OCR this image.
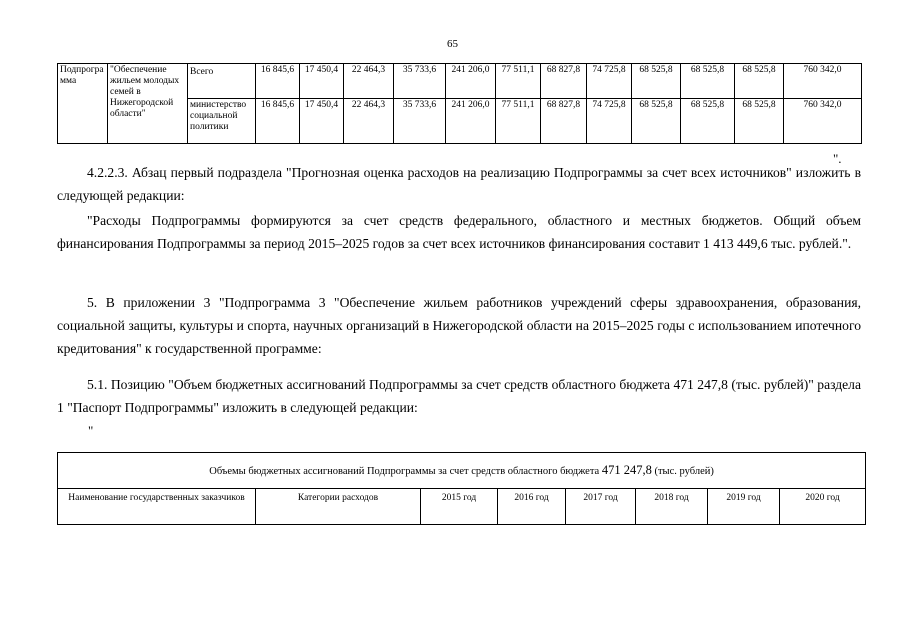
65
Подпрограмма	"Обеспечение жильем молодых семей в Нижегородской области"	Всего	16 845,6	17 450,4	22 464,3	35 733,6	241 206,0	77 511,1	68 827,8	74 725,8	68 525,8	68 525,8	68 525,8	760 342,0
		министерство социальной политики	16 845,6	17 450,4	22 464,3	35 733,6	241 206,0	77 511,1	68 827,8	74 725,8	68 525,8	68 525,8	68 525,8	760 342,0
".
4.2.2.3. Абзац первый подраздела "Прогнозная оценка расходов на реализацию Подпрограммы за счет всех источников" изложить в следующей редакции:
"Расходы Подпрограммы формируются за счет средств федерального, областного и местных бюджетов. Общий объем финансирования Подпрограммы за период 2015–2025 годов за счет всех источников финансирования составит 1 413 449,6 тыс. рублей.".
5. В приложении 3 "Подпрограмма 3 "Обеспечение жильем работников учреждений сферы здравоохранения, образования, социальной защиты, культуры и спорта, научных организаций в Нижегородской области на 2015–2025 годы с использованием ипотечного кредитования" к государственной программе:
5.1. Позицию "Объем бюджетных ассигнований Подпрограммы за счет средств областного бюджета 471 247,8 (тыс. рублей)" раздела 1 "Паспорт Подпрограммы" изложить в следующей редакции:
"
Объемы бюджетных ассигнований Подпрограммы за счет средств областного бюджета 471 247,8 (тыс. рублей)
Наименование государственных заказчиков	Категории расходов	2015 год	2016 год	2017 год	2018 год	2019 год	2020 год
